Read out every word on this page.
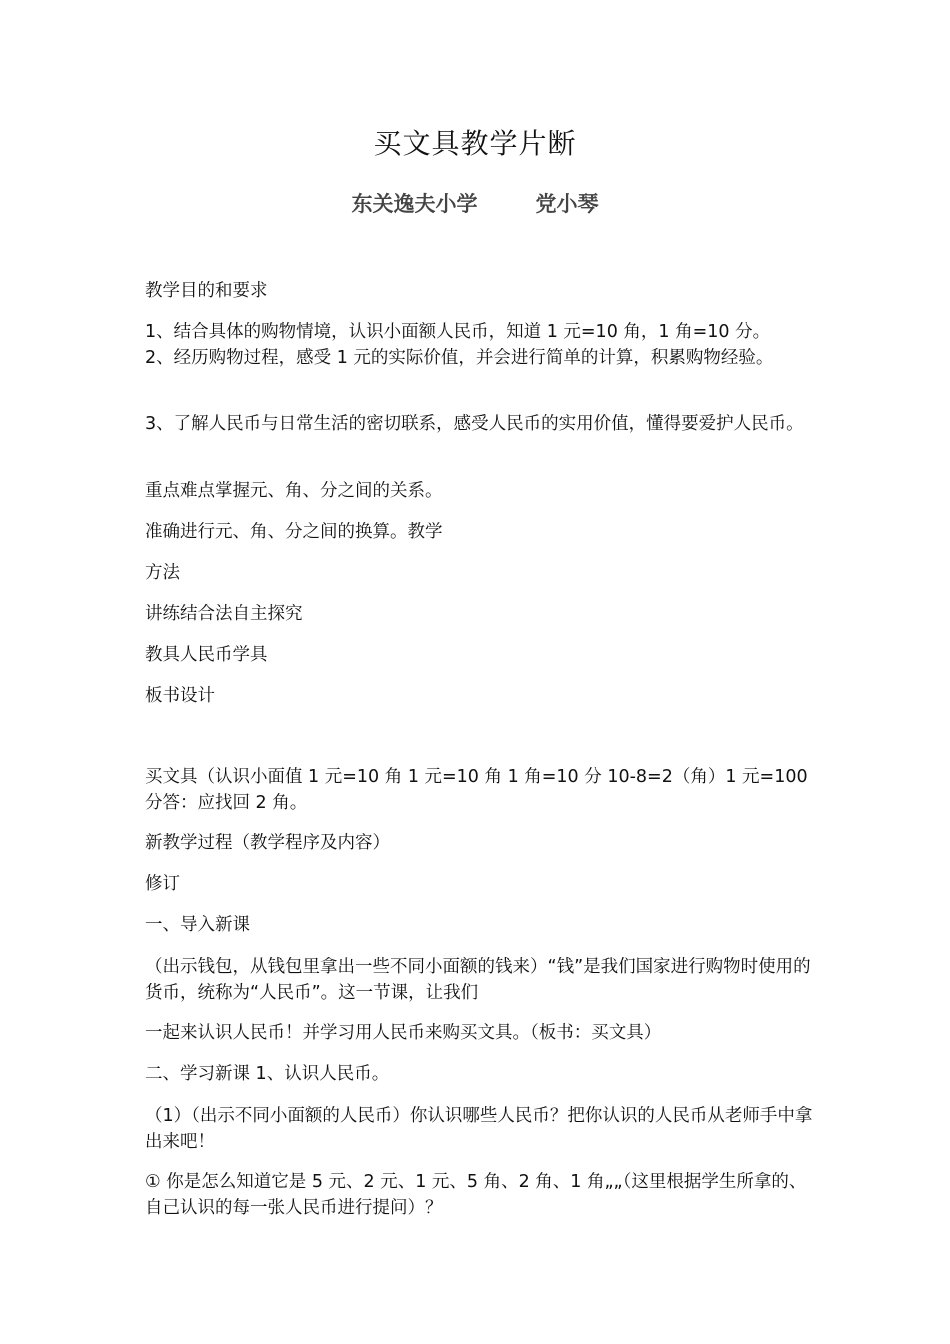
买文具教学片断
东关逸夫小学	党小琴

教学目的和要求

1、结合具体的购物情境，认识小面额人民币，知道 1 元=10 角，1 角=10 分。

2、经历购物过程，感受 1 元的实际价值，并会进行简单的计算，积累购物经验。

3、了解人民币与日常生活的密切联系，感受人民币的实用价值，懂得要爱护人民币。

重点难点掌握元、角、分之间的关系。

准确进行元、角、分之间的换算。教学

方法

讲练结合法自主探究

教具人民币学具

板书设计

买文具（认识小面值 1 元=10 角 1 元=10 角 1 角=10 分 10-8=2（角）1 元=100 分答：应找回 2 角。

新教学过程（教学程序及内容）

修订

一、导入新课

（出示钱包，从钱包里拿出一些不同小面额的钱来）“钱”是我们国家进行购物时使用的货币，统称为“人民币”。这一节课，让我们

一起来认识人民币！并学习用人民币来购买文具。（板书：买文具）

二、学习新课 1、认识人民币。

（1）（出示不同小面额的人民币）你认识哪些人民币？把你认识的人民币从老师手中拿出来吧！

① 你是怎么知道它是 5 元、2 元、1 元、5 角、2 角、1 角„„（这里根据学生所拿的、自己认识的每一张人民币进行提问）？
